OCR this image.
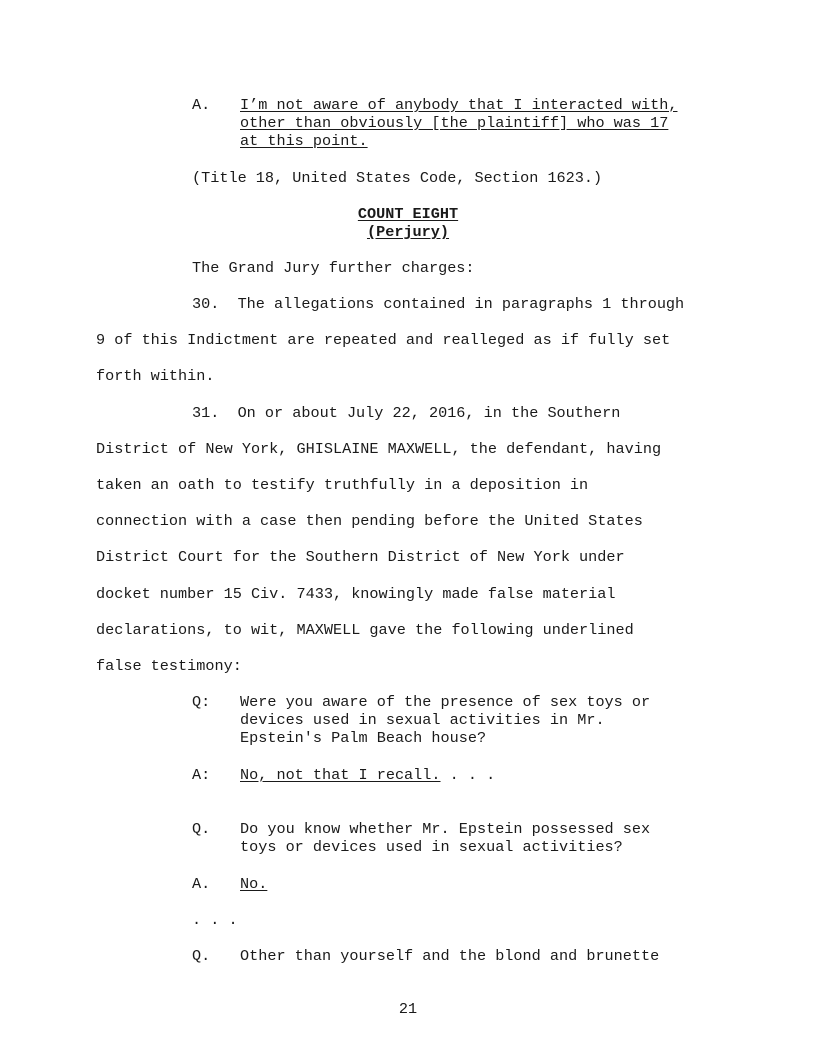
A. I’m not aware of anybody that I interacted with,
other than obviously [the plaintiff] who was 17
at this point.
(Title 18, United States Code, Section 1623.)
COUNT EIGHT
(Perjury)
The Grand Jury further charges:
30.  The allegations contained in paragraphs 1 through
9 of this Indictment are repeated and realleged as if fully set
forth within.
31.  On or about July 22, 2016, in the Southern
District of New York, GHISLAINE MAXWELL, the defendant, having
taken an oath to testify truthfully in a deposition in
connection with a case then pending before the United States
District Court for the Southern District of New York under
docket number 15 Civ. 7433, knowingly made false material
declarations, to wit, MAXWELL gave the following underlined
false testimony:
Q: Were you aware of the presence of sex toys or
devices used in sexual activities in Mr.
Epstein's Palm Beach house?
A: No, not that I recall. . . .
Q. Do you know whether Mr. Epstein possessed sex
toys or devices used in sexual activities?
A. No.
. . .
Q. Other than yourself and the blond and brunette
21
